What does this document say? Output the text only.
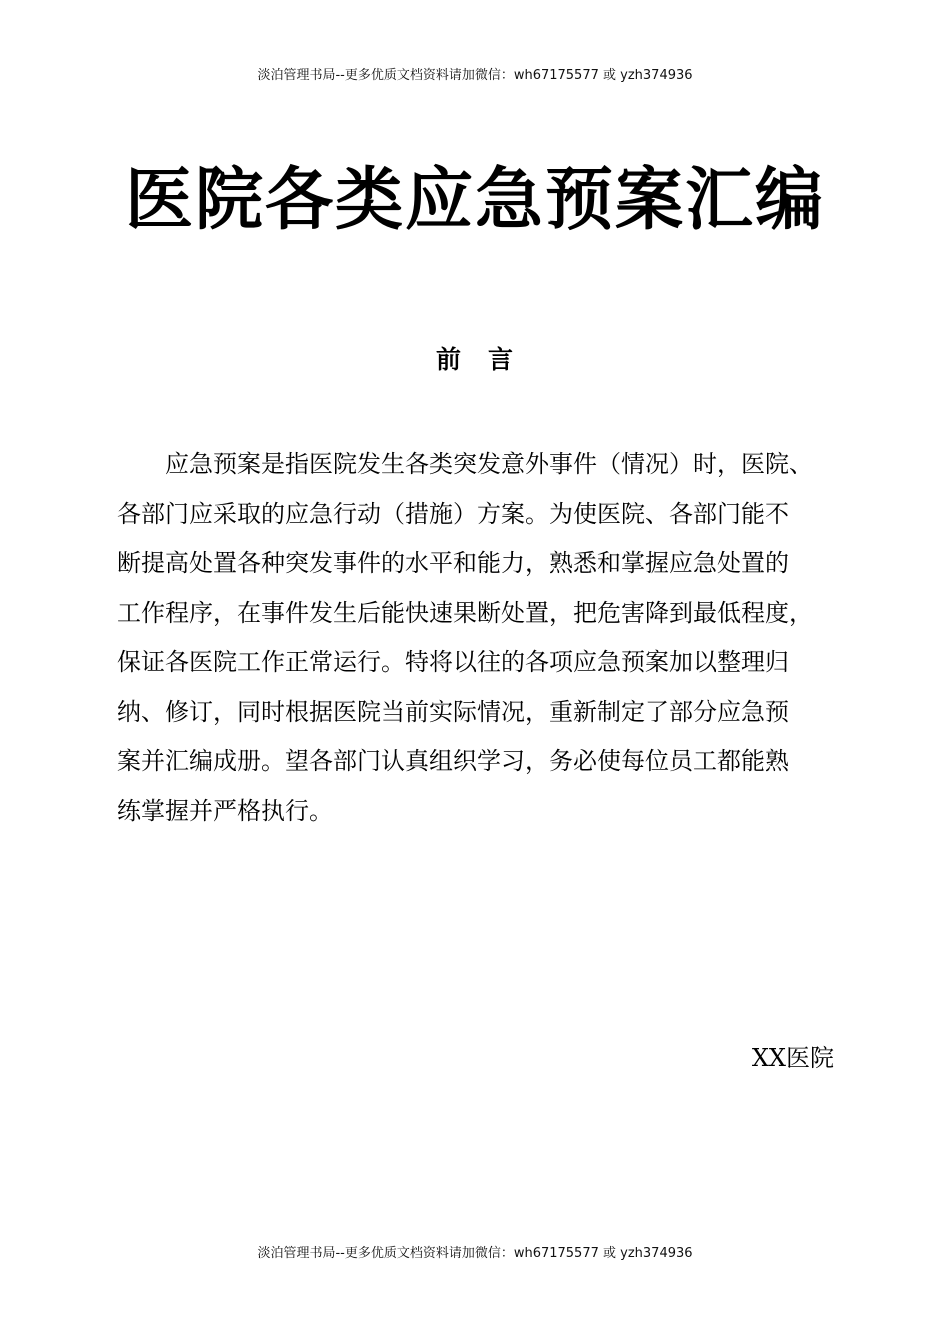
淡泊管理书局--更多优质文档资料请加微信：wh67175577 或 yzh374936
医院各类应急预案汇编
前　言
应急预案是指医院发生各类突发意外事件（情况）时，医院、
各部门应采取的应急行动（措施）方案。为使医院、各部门能不
断提高处置各种突发事件的水平和能力，熟悉和掌握应急处置的
工作程序，在事件发生后能快速果断处置，把危害降到最低程度，
保证各医院工作正常运行。特将以往的各项应急预案加以整理归
纳、修订，同时根据医院当前实际情况，重新制定了部分应急预
案并汇编成册。望各部门认真组织学习，务必使每位员工都能熟
练掌握并严格执行。
XX医院
淡泊管理书局--更多优质文档资料请加微信：wh67175577 或 yzh374936
